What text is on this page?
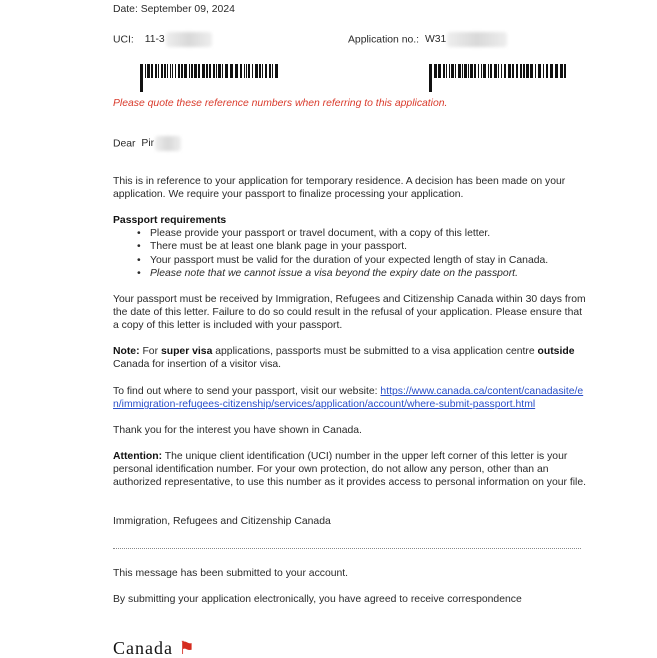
Date: September 09, 2024
UCI: 11-3	Application no.: W31
Please quote these reference numbers when referring to this application.
Dear Pir

This is in reference to your application for temporary residence. A decision has been made on your application. We require your passport to finalize processing your application.

Passport requirements

• Please provide your passport or travel document, with a copy of this letter.
• There must be at least one blank page in your passport.
• Your passport must be valid for the duration of your expected length of stay in Canada.
• Please note that we cannot issue a visa beyond the expiry date on the passport.

Your passport must be received by Immigration, Refugees and Citizenship Canada within 30 days from the date of this letter. Failure to do so could result in the refusal of your application. Please ensure that a copy of this letter is included with your passport.

Note: For super visa applications, passports must be submitted to a visa application centre outside Canada for insertion of a visitor visa.

To find out where to send your passport, visit our website: https://www.canada.ca/content/canadasite/en/immigration-refugees-citizenship/services/application/account/where-submit-passport.html

Thank you for the interest you have shown in Canada.

Attention: The unique client identification (UCI) number in the upper left corner of this letter is your personal identification number. For your own protection, do not allow any person, other than an authorized representative, to use this number as it provides access to personal information on your file.

Immigration, Refugees and Citizenship Canada

This message has been submitted to your account.

By submitting your application electronically, you have agreed to receive correspondence

Canada ⚑
